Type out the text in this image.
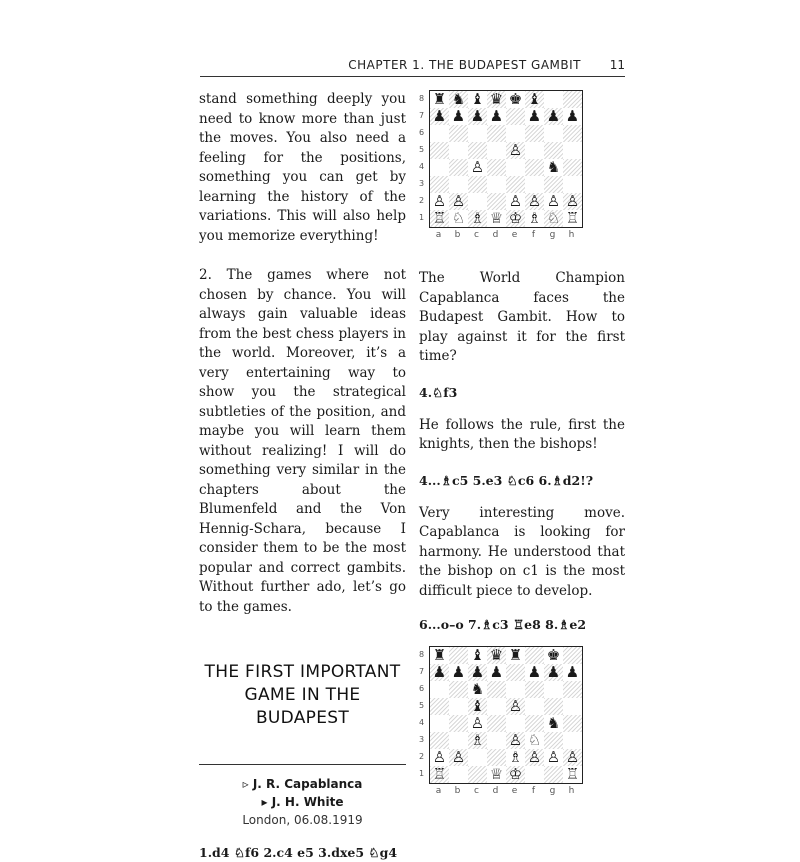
CHAPTER 1. THE BUDAPEST GAMBIT 11

stand something deeply you need to know more than just the moves. You also need a feeling for the positions, something you can get by learning the history of the variations. This will also help you memorize everything!

2. The games where not chosen by chance. You will always gain valuable ideas from the best chess players in the world. Moreover, it’s a very entertaining way to show you the strategical subtleties of the position, and maybe you will learn them without realizing! I will do something very similar in the chapters about the Blumenfeld and the Von Hennig-Schara, because I consider them to be the most popular and correct gambits. Without further ado, let’s go to the games.

THE FIRST IMPORTANT
GAME IN THE BUDAPEST

▹ J. R. Capablanca
▸ J. H. White
London, 06.08.1919

1.d4 ♘f6 2.c4 e5 3.dxe5 ♘g4

8
7
6
5
4
3
2
1
♜ ♞ ♝ ♛ ♚ ♝
♟ ♟ ♟ ♟ ♟ ♟ ♟
♙
♙	♞
♙ ♙	♙ ♙ ♙ ♙
♖ ♘ ♗ ♕ ♔ ♗ ♘ ♖
a	b	c	d	e	f	g	h

The World Champion Capablanca faces the Budapest Gambit. How to play against it for the first time?

4.♘f3

He follows the rule, first the knights, then the bishops!

4...♗c5 5.e3 ♘c6 6.♗d2!?

Very interesting move. Capablanca is looking for harmony. He understood that the bishop on c1 is the most difficult piece to develop.

6...o–o 7.♗c3 ♖e8 8.♗e2

8
7
6
5
4
3
2
1
♜ ♝ ♛ ♜ ♚
♟ ♟ ♟ ♟ ♟ ♟ ♟
♞
♝ ♙
♙	♞
♗ ♙ ♘
♙ ♙	♗ ♙ ♙ ♙
♖	♕ ♔	♖
a	b	c	d	e	f	g	h
